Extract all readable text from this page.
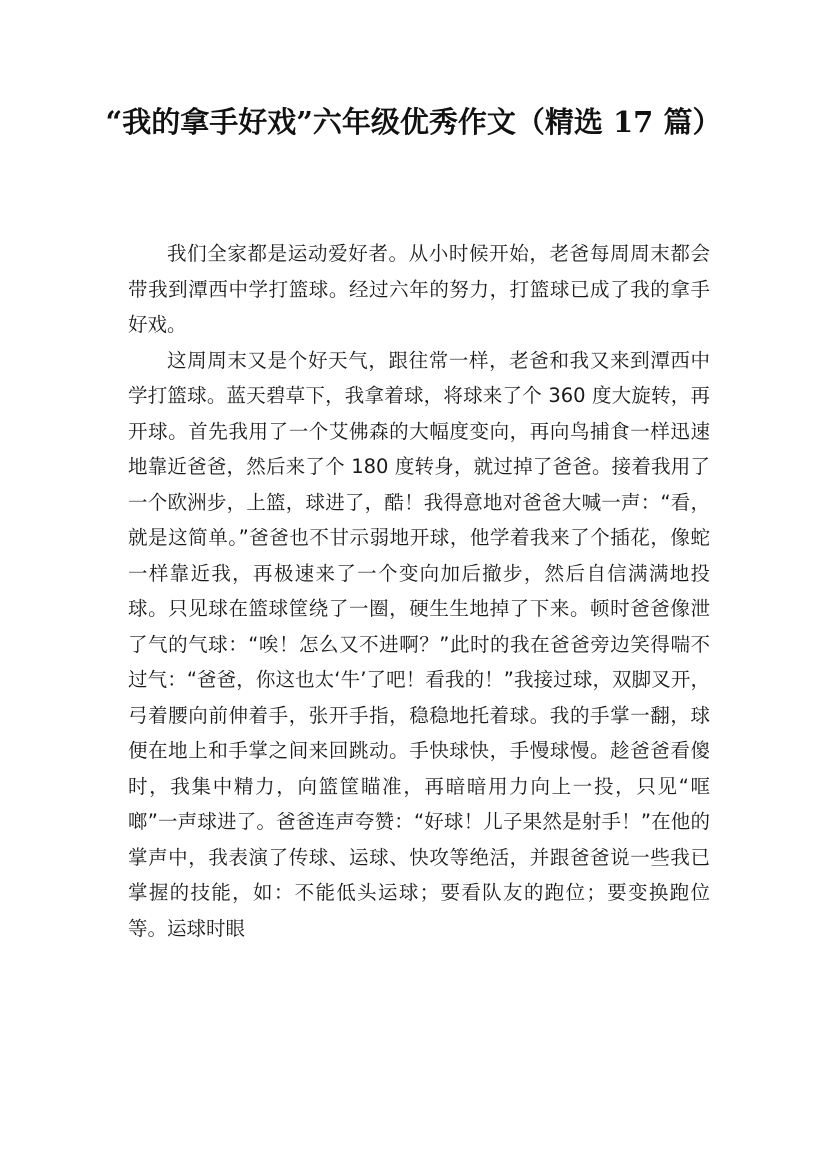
“我的拿手好戏”六年级优秀作文（精选 17 篇）

我们全家都是运动爱好者。从小时候开始，老爸每周周末都会带我到潭西中学打篮球。经过六年的努力，打篮球已成了我的拿手好戏。

这周周末又是个好天气，跟往常一样，老爸和我又来到潭西中学打篮球。蓝天碧草下，我拿着球，将球来了个 360 度大旋转，再开球。首先我用了一个艾佛森的大幅度变向，再向鸟捕食一样迅速地靠近爸爸，然后来了个 180 度转身，就过掉了爸爸。接着我用了一个欧洲步，上篮，球进了，酷！我得意地对爸爸大喊一声：“看，就是这简单。”爸爸也不甘示弱地开球，他学着我来了个插花，像蛇一样靠近我，再极速来了一个变向加后撤步，然后自信满满地投球。只见球在篮球筐绕了一圈，硬生生地掉了下来。顿时爸爸像泄了气的气球：“唉！怎么又不进啊？”此时的我在爸爸旁边笑得喘不过气：“爸爸，你这也太‘牛’了吧！看我的！”我接过球，双脚叉开，弓着腰向前伸着手，张开手指，稳稳地托着球。我的手掌一翻，球便在地上和手掌之间来回跳动。手快球快，手慢球慢。趁爸爸看傻时，我集中精力，向篮筐瞄准，再暗暗用力向上一投，只见“哐啷”一声球进了。爸爸连声夸赞：“好球！儿子果然是射手！”在他的掌声中，我表演了传球、运球、快攻等绝活，并跟爸爸说一些我已掌握的技能，如：不能低头运球；要看队友的跑位；要变换跑位等。运球时眼
